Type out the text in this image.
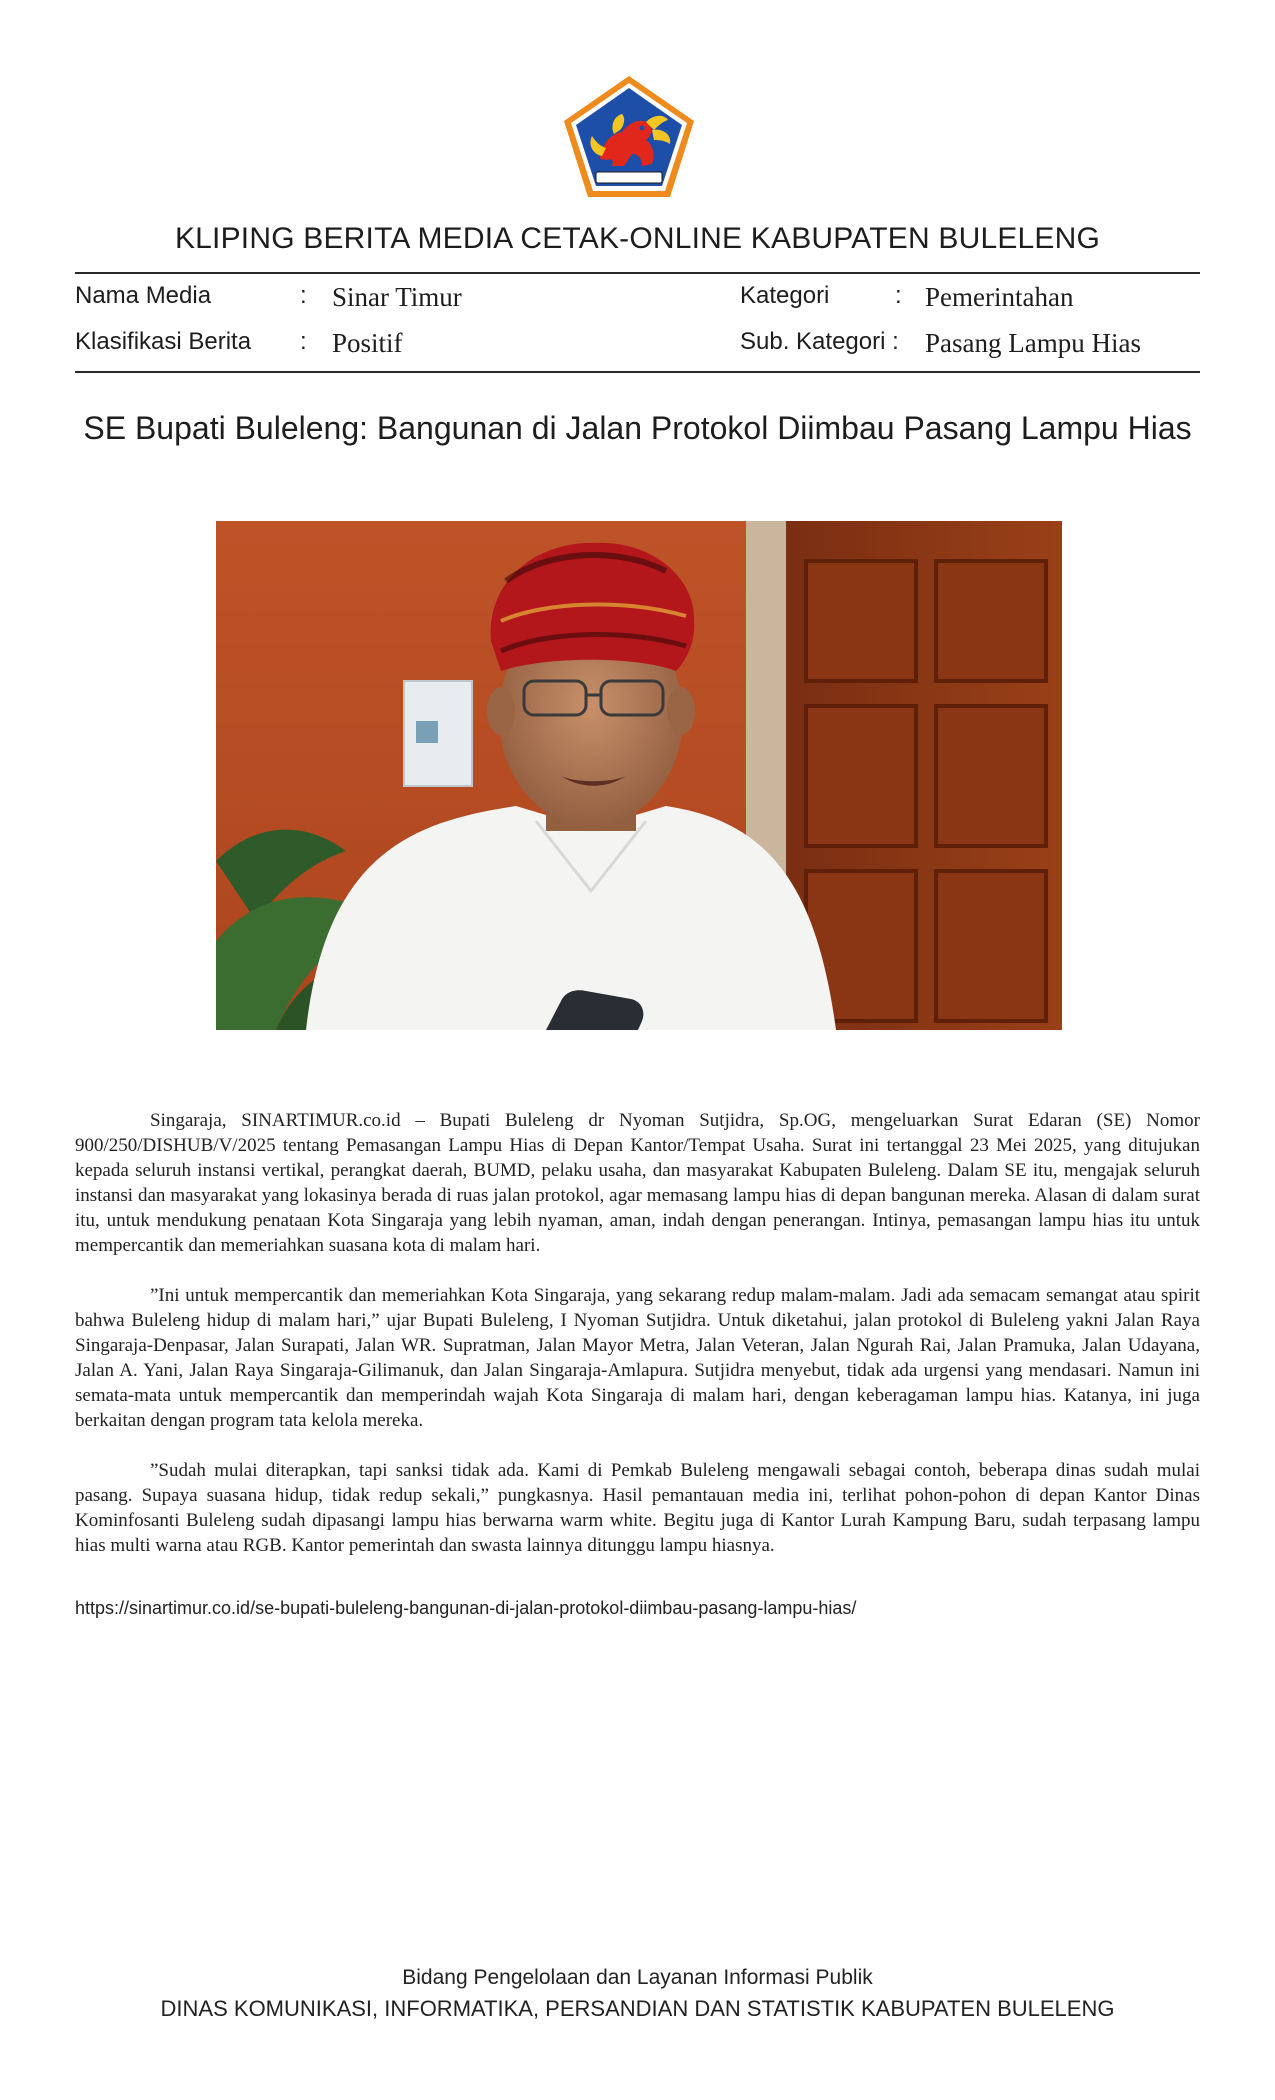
KLIPING BERITA MEDIA CETAK-ONLINE KABUPATEN BULELENG
Nama Media	: Sinar Timur	Kategori	: Pemerintahan
Klasifikasi Berita : Positif	Sub. Kategori : Pasang Lampu Hias
SE Bupati Buleleng: Bangunan di Jalan Protokol Diimbau Pasang Lampu Hias

Singaraja, SINARTIMUR.co.id – Bupati Buleleng dr Nyoman Sutjidra, Sp.OG, mengeluarkan Surat Edaran (SE) Nomor 900/250/DISHUB/V/2025 tentang Pemasangan Lampu Hias di Depan Kantor/Tempat Usaha. Surat ini tertanggal 23 Mei 2025, yang ditujukan kepada seluruh instansi vertikal, perangkat daerah, BUMD, pelaku usaha, dan masyarakat Kabupaten Buleleng. Dalam SE itu, mengajak seluruh instansi dan masyarakat yang lokasinya berada di ruas jalan protokol, agar memasang lampu hias di depan bangunan mereka. Alasan di dalam surat itu, untuk mendukung penataan Kota Singaraja yang lebih nyaman, aman, indah dengan penerangan. Intinya, pemasangan lampu hias itu untuk mempercantik dan memeriahkan suasana kota di malam hari.

”Ini untuk mempercantik dan memeriahkan Kota Singaraja, yang sekarang redup malam-malam. Jadi ada semacam semangat atau spirit bahwa Buleleng hidup di malam hari,” ujar Bupati Buleleng, I Nyoman Sutjidra. Untuk diketahui, jalan protokol di Buleleng yakni Jalan Raya Singaraja-Denpasar, Jalan Surapati, Jalan WR. Supratman, Jalan Mayor Metra, Jalan Veteran, Jalan Ngurah Rai, Jalan Pramuka, Jalan Udayana, Jalan A. Yani, Jalan Raya Singaraja-Gilimanuk, dan Jalan Singaraja-Amlapura. Sutjidra menyebut, tidak ada urgensi yang mendasari. Namun ini semata-mata untuk mempercantik dan memperindah wajah Kota Singaraja di malam hari, dengan keberagaman lampu hias. Katanya, ini juga berkaitan dengan program tata kelola mereka.

”Sudah mulai diterapkan, tapi sanksi tidak ada. Kami di Pemkab Buleleng mengawali sebagai contoh, beberapa dinas sudah mulai pasang. Supaya suasana hidup, tidak redup sekali,” pungkasnya. Hasil pemantauan media ini, terlihat pohon-pohon di depan Kantor Dinas Kominfosanti Buleleng sudah dipasangi lampu hias berwarna warm white. Begitu juga di Kantor Lurah Kampung Baru, sudah terpasang lampu hias multi warna atau RGB. Kantor pemerintah dan swasta lainnya ditunggu lampu hiasnya.

https://sinartimur.co.id/se-bupati-buleleng-bangunan-di-jalan-protokol-diimbau-pasang-lampu-hias/
Bidang Pengelolaan dan Layanan Informasi Publik
DINAS KOMUNIKASI, INFORMATIKA, PERSANDIAN DAN STATISTIK KABUPATEN BULELENG
